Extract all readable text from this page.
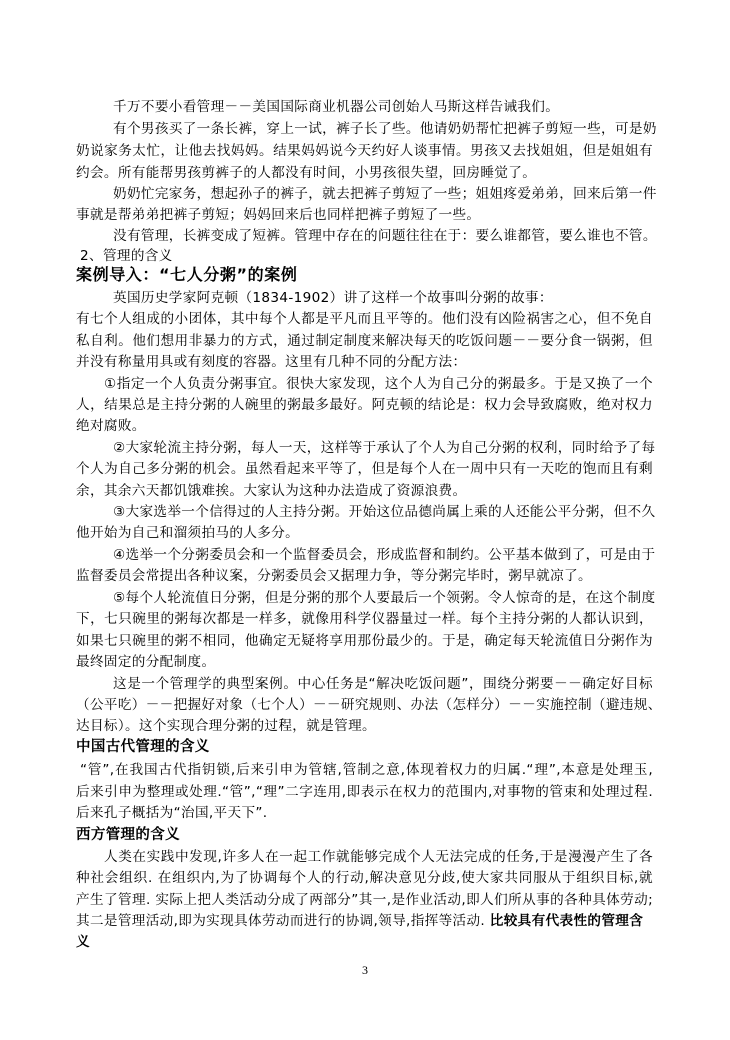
千万不要小看管理－－美国国际商业机器公司创始人马斯这样告诫我们。
有个男孩买了一条长裤，穿上一试，裤子长了些。他请奶奶帮忙把裤子剪短一些，可是奶
奶说家务太忙，让他去找妈妈。结果妈妈说今天约好人谈事情。男孩又去找姐姐，但是姐姐有
约会。所有能帮男孩剪裤子的人都没有时间，小男孩很失望，回房睡觉了。
奶奶忙完家务，想起孙子的裤子，就去把裤子剪短了一些；姐姐疼爱弟弟，回来后第一件
事就是帮弟弟把裤子剪短；妈妈回来后也同样把裤子剪短了一些。
没有管理，长裤变成了短裤。管理中存在的问题往往在于：要么谁都管，要么谁也不管。
2、管理的含义
英国历史学家阿克顿（1834-1902）讲了这样一个故事叫分粥的故事：
有七个人组成的小团体，其中每个人都是平凡而且平等的。他们没有凶险祸害之心，但不免自
私自利。他们想用非暴力的方式，通过制定制度来解决每天的吃饭问题－－要分食一锅粥，但
并没有称量用具或有刻度的容器。这里有几种不同的分配方法：
①指定一个人负责分粥事宜。很快大家发现，这个人为自己分的粥最多。于是又换了一个
人，结果总是主持分粥的人碗里的粥最多最好。阿克顿的结论是：权力会导致腐败，绝对权力
绝对腐败。
②大家轮流主持分粥，每人一天，这样等于承认了个人为自己分粥的权利，同时给予了每
个人为自己多分粥的机会。虽然看起来平等了，但是每个人在一周中只有一天吃的饱而且有剩
余，其余六天都饥饿难挨。大家认为这种办法造成了资源浪费。
③大家选举一个信得过的人主持分粥。开始这位品德尚属上乘的人还能公平分粥，但不久
他开始为自己和溜须拍马的人多分。
④选举一个分粥委员会和一个监督委员会，形成监督和制约。公平基本做到了，可是由于
监督委员会常提出各种议案，分粥委员会又据理力争，等分粥完毕时，粥早就凉了。
⑤每个人轮流值日分粥，但是分粥的那个人要最后一个领粥。令人惊奇的是，在这个制度
下，七只碗里的粥每次都是一样多，就像用科学仪器量过一样。每个主持分粥的人都认识到，
如果七只碗里的粥不相同，他确定无疑将享用那份最少的。于是，确定每天轮流值日分粥作为
最终固定的分配制度。
这是一个管理学的典型案例。中心任务是“解决吃饭问题”，围绕分粥要－－确定好目标
（公平吃）－－把握好对象（七个人）－－研究规则、办法（怎样分）－－实施控制（避违规、
达目标）。这个实现合理分粥的过程，就是管理。
“管”,在我国古代指钥锁,后来引申为管辖,管制之意,体现着权力的归属.“理”,本意是处理玉,
后来引申为整理或处理.“管”,“理”二字连用,即表示在权力的范围内,对事物的管束和处理过程.
后来孔子概括为“治国,平天下”.
人类在实践中发现,许多人在一起工作就能够完成个人无法完成的任务,于是漫漫产生了各
种社会组织. 在组织内,为了协调每个人的行动,解决意见分歧,使大家共同服从于组织目标,就
产生了管理. 实际上把人类活动分成了两部分”其一,是作业活动,即人们所从事的各种具体劳动;
案例导入：“七人分粥”的案例
中国古代管理的含义
西方管理的含义
其二是管理活动,即为实现具体劳动而进行的协调,领导,指挥等活动. 比较具有代表性的管理含
义
3
